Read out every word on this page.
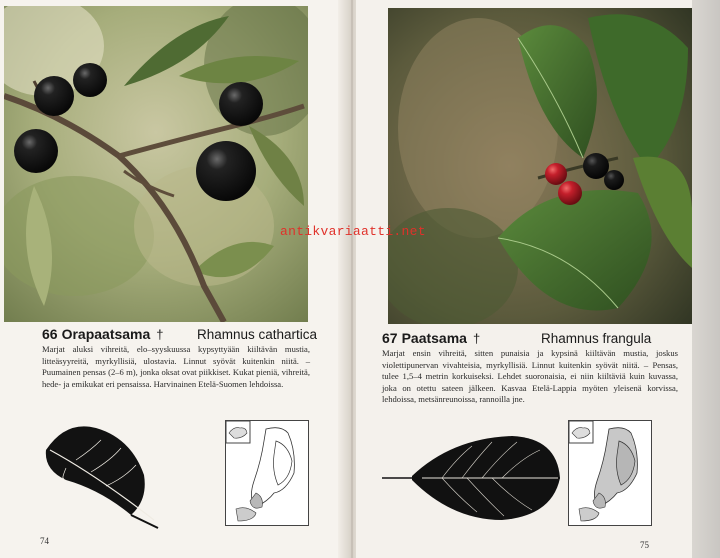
66 Orapaatsama † Rhamnus cathartica

Marjat aluksi vihreitä, elo–syyskuussa kypsyttyään kiiltävän mustia, litteäsyyreitä, myrkyllisiä, ulostavia. Linnut syövät kuitenkin niitä. – Puumainen pensas (2–6 m), jonka oksat ovat piikkiset. Kukat pieniä, vihreitä, hede- ja emikukat eri pensaissa. Harvinainen Etelä-Suomen lehdoissa.

74
67 Paatsama †	Rhamnus frangula

Marjat ensin vihreitä, sitten punaisia ja kypsinä kiiltävän mustia, joskus violettipunervan vivahteisia, myrkyllisiä. Linnut kuitenkin syövät niitä. – Pensas, tulee 1,5–4 metrin korkuiseksi. Lehdet suoronaisia, ei niin kiiltäviä kuin kuvassa, joka on otettu sateen jälkeen. Kasvaa Etelä-Lappia myöten yleisenä korvissa, lehdoissa, metsänreunoissa, rannoilla jne.

75
antikvariaatti.net
